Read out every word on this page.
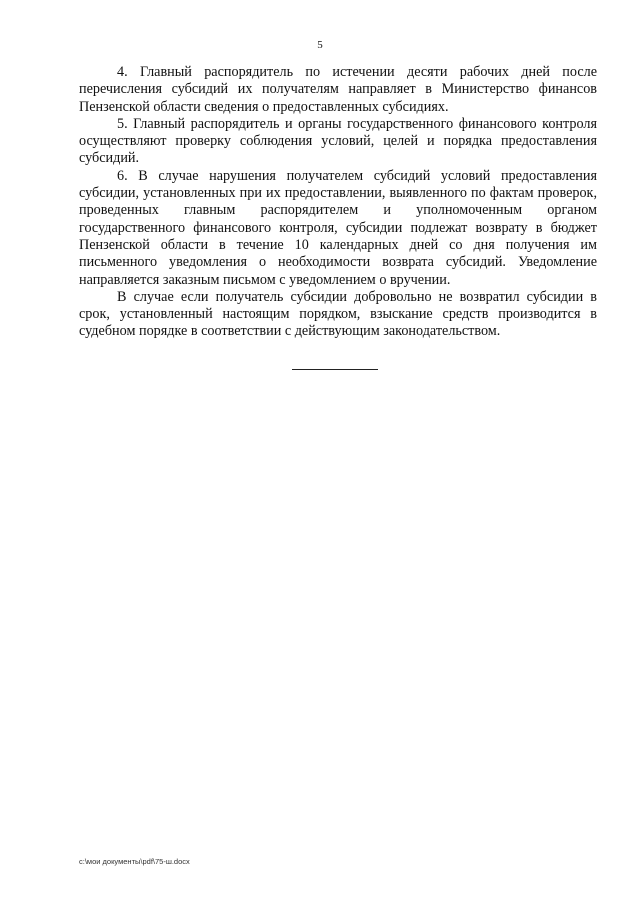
5

4. Главный распорядитель по истечении десяти рабочих дней после перечисления субсидий их получателям направляет в Министерство финансов Пензенской области сведения о предоставленных субсидиях.

5. Главный распорядитель и органы государственного финансового контроля осуществляют проверку соблюдения условий, целей и порядка предоставления субсидий.

6. В случае нарушения получателем субсидий условий предоставления субсидии, установленных при их предоставлении, выявленного по фактам проверок, проведенных главным распорядителем и уполномоченным органом государственного финансового контроля, субсидии подлежат возврату в бюджет Пензенской области в течение 10 календарных дней со дня получения им письменного уведомления о необходимости возврата субсидий. Уведомление направляется заказным письмом с уведомлением о вручении.

В случае если получатель субсидии добровольно не возвратил субсидии в срок, установленный настоящим порядком, взыскание средств производится в судебном порядке в соответствии с действующим законодательством.

c:\мои документы\pdf\75-ш.docx
